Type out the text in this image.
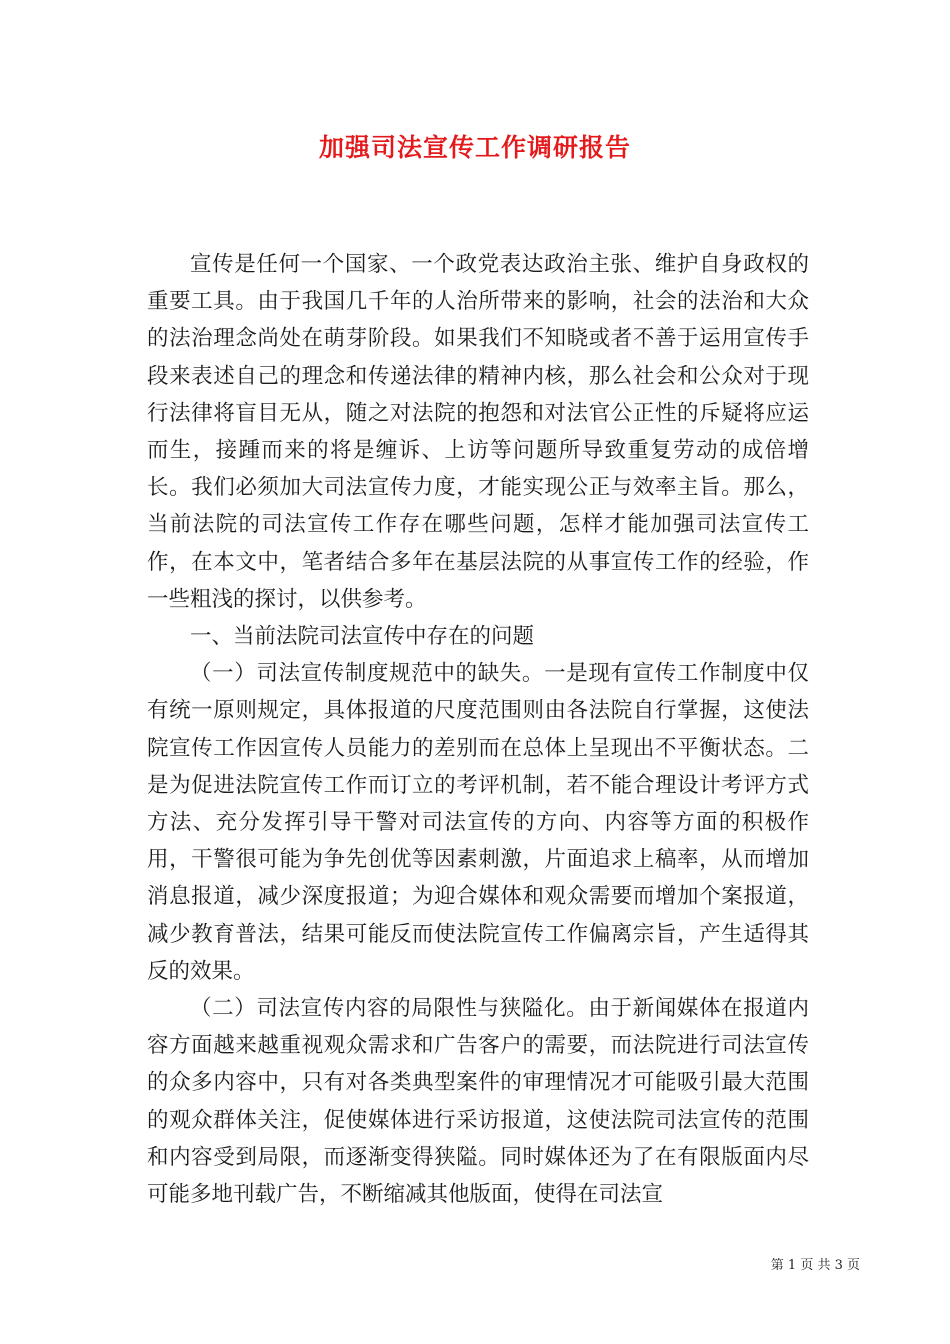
加强司法宣传工作调研报告

宣传是任何一个国家、一个政党表达政治主张、维护自身政权的重要工具。由于我国几千年的人治所带来的影响，社会的法治和大众的法治理念尚处在萌芽阶段。如果我们不知晓或者不善于运用宣传手段来表述自己的理念和传递法律的精神内核，那么社会和公众对于现行法律将盲目无从，随之对法院的抱怨和对法官公正性的斥疑将应运而生，接踵而来的将是缠诉、上访等问题所导致重复劳动的成倍增长。我们必须加大司法宣传力度，才能实现公正与效率主旨。那么，当前法院的司法宣传工作存在哪些问题，怎样才能加强司法宣传工作，在本文中，笔者结合多年在基层法院的从事宣传工作的经验，作一些粗浅的探讨，以供参考。

一、当前法院司法宣传中存在的问题

（一）司法宣传制度规范中的缺失。一是现有宣传工作制度中仅有统一原则规定，具体报道的尺度范围则由各法院自行掌握，这使法院宣传工作因宣传人员能力的差别而在总体上呈现出不平衡状态。二是为促进法院宣传工作而订立的考评机制，若不能合理设计考评方式方法、充分发挥引导干警对司法宣传的方向、内容等方面的积极作用，干警很可能为争先创优等因素刺激，片面追求上稿率，从而增加消息报道，减少深度报道；为迎合媒体和观众需要而增加个案报道，减少教育普法，结果可能反而使法院宣传工作偏离宗旨，产生适得其反的效果。

（二）司法宣传内容的局限性与狭隘化。由于新闻媒体在报道内容方面越来越重视观众需求和广告客户的需要，而法院进行司法宣传的众多内容中，只有对各类典型案件的审理情况才可能吸引最大范围的观众群体关注，促使媒体进行采访报道，这使法院司法宣传的范围和内容受到局限，而逐渐变得狭隘。同时媒体还为了在有限版面内尽可能多地刊载广告，不断缩减其他版面，使得在司法宣

第 1 页 共 3 页
